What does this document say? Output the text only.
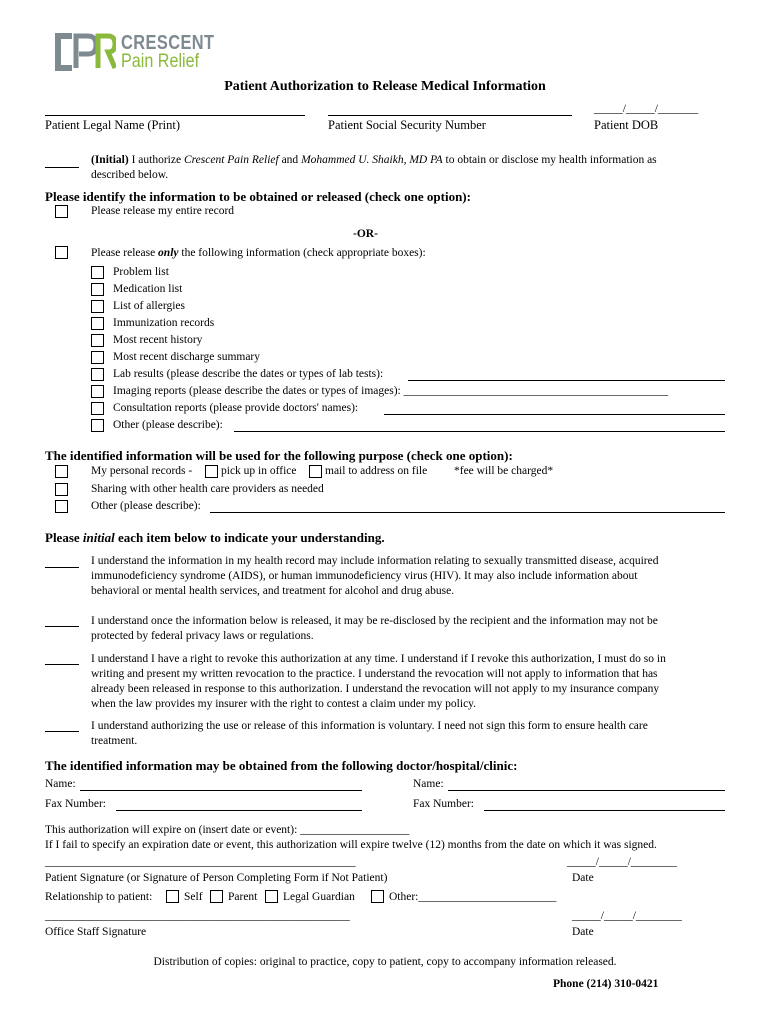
CRESCENT
Pain Relief
Patient Authorization to Release Medical Information
Patient Legal Name (Print)	Patient Social Security Number
_____/_____/_______
Patient DOB
(Initial) I authorize Crescent Pain Relief and Mohammed U. Shaikh, MD PA to obtain or disclose my health information as
described below.
Please identify the information to be obtained or released (check one option):
Please release my entire record
-OR-
Please release only the following information (check appropriate boxes):
Problem list
Medication list
List of allergies
Immunization records
Most recent history
Most recent discharge summary
Lab results (please describe the dates or types of lab tests):
Imaging reports (please describe the dates or types of images): ______________________________________________
Consultation reports (please provide doctors' names):
Other (please describe):
The identified information will be used for the following purpose (check one option):
My personal records -	pick up in office mail to address on file *fee will be charged*
Sharing with other health care providers as needed
Other (please describe):
Please initial each item below to indicate your understanding.
I understand the information in my health record may include information relating to sexually transmitted disease, acquired
immunodeficiency syndrome (AIDS), or human immunodeficiency virus (HIV). It may also include information about
behavioral or mental health services, and treatment for alcohol and drug abuse.
I understand once the information below is released, it may be re-disclosed by the recipient and the information may not be
protected by federal privacy laws or regulations.
I understand I have a right to revoke this authorization at any time. I understand if I revoke this authorization, I must do so in
writing and present my written revocation to the practice. I understand the revocation will not apply to information that has
already been released in response to this authorization. I understand the revocation will not apply to my insurance company
when the law provides my insurer with the right to contest a claim under my policy.
I understand authorizing the use or release of this information is voluntary. I need not sign this form to ensure health care
treatment.
The identified information may be obtained from the following doctor/hospital/clinic:
Name:	Name:
Fax Number:	Fax Number:
This authorization will expire on (insert date or event): ___________________
If I fail to specify an expiration date or event, this authorization will expire twelve (12) months from the date on which it was signed.
______________________________________________________	_____/_____/________
Patient Signature (or Signature of Person Completing Form if Not Patient)	Date
Relationship to patient:	Self Parent Legal Guardian	Other:________________________
_____________________________________________________	_____/_____/________
Office Staff Signature	Date
Distribution of copies: original to practice, copy to patient, copy to accompany information released.
Phone (214) 310-0421
